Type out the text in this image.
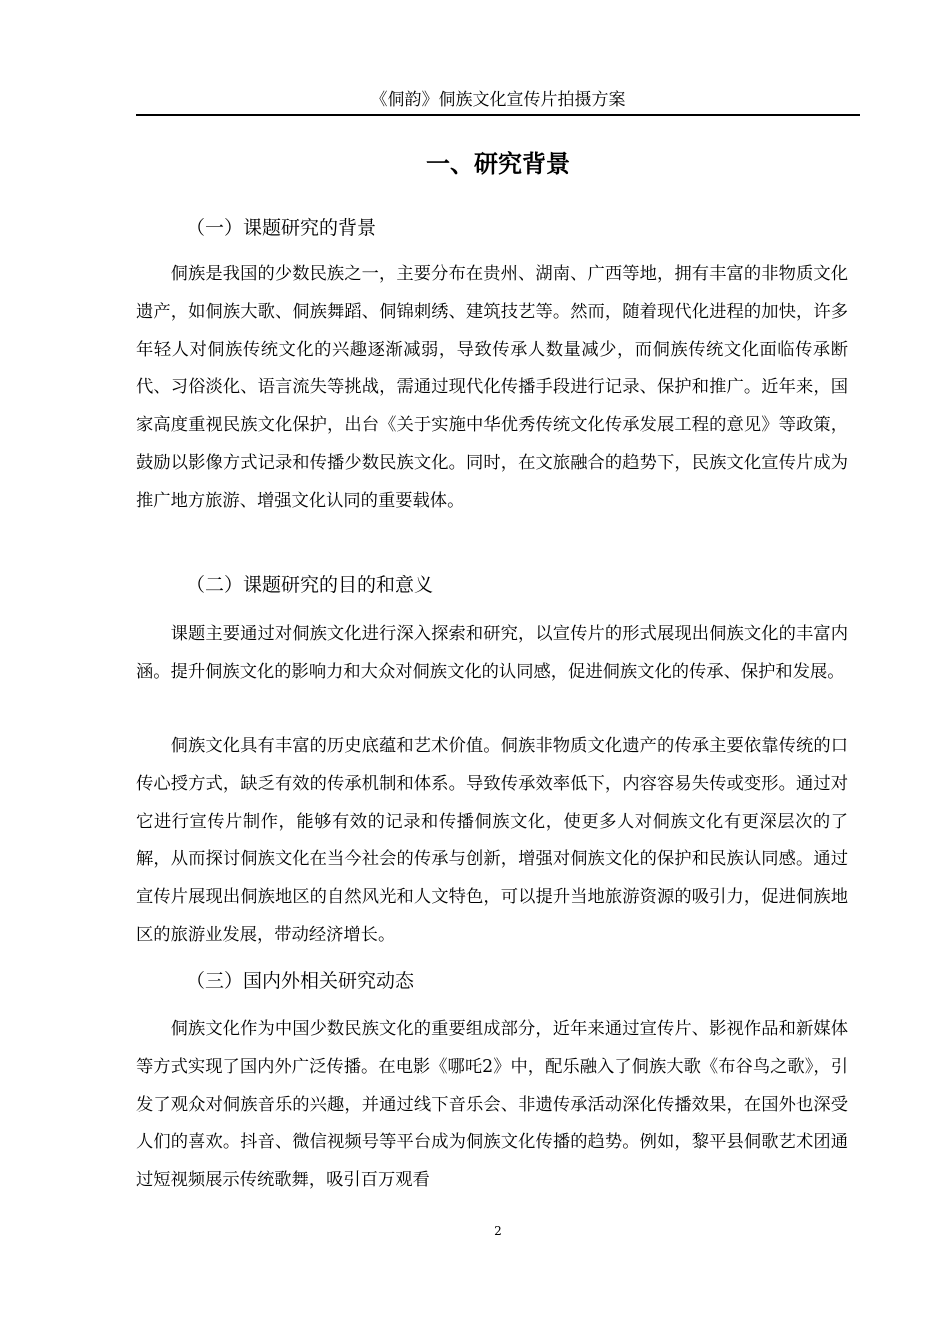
《侗韵》侗族文化宣传片拍摄方案
一、研究背景
（一）课题研究的背景

侗族是我国的少数民族之一，主要分布在贵州、湖南、广西等地，拥有丰富的非物质文化遗产，如侗族大歌、侗族舞蹈、侗锦刺绣、建筑技艺等。然而，随着现代化进程的加快，许多年轻人对侗族传统文化的兴趣逐渐减弱，导致传承人数量减少，而侗族传统文化面临传承断代、习俗淡化、语言流失等挑战，需通过现代化传播手段进行记录、保护和推广。近年来，国家高度重视民族文化保护，出台《关于实施中华优秀传统文化传承发展工程的意见》等政策，鼓励以影像方式记录和传播少数民族文化。同时，在文旅融合的趋势下，民族文化宣传片成为推广地方旅游、增强文化认同的重要载体。

（二）课题研究的目的和意义

课题主要通过对侗族文化进行深入探索和研究，以宣传片的形式展现出侗族文化的丰富内涵。提升侗族文化的影响力和大众对侗族文化的认同感，促进侗族文化的传承、保护和发展。

侗族文化具有丰富的历史底蕴和艺术价值。侗族非物质文化遗产的传承主要依靠传统的口传心授方式，缺乏有效的传承机制和体系。导致传承效率低下，内容容易失传或变形。通过对它进行宣传片制作，能够有效的记录和传播侗族文化，使更多人对侗族文化有更深层次的了解，从而探讨侗族文化在当今社会的传承与创新，增强对侗族文化的保护和民族认同感。通过宣传片展现出侗族地区的自然风光和人文特色，可以提升当地旅游资源的吸引力，促进侗族地区的旅游业发展，带动经济增长。

（三）国内外相关研究动态

侗族文化作为中国少数民族文化的重要组成部分，近年来通过宣传片、影视作品和新媒体等方式实现了国内外广泛传播。在电影《哪吒2》中，配乐融入了侗族大歌《布谷鸟之歌》，引发了观众对侗族音乐的兴趣，并通过线下音乐会、非遗传承活动深化传播效果，在国外也深受人们的喜欢。抖音、微信视频号等平台成为侗族文化传播的趋势。例如，黎平县侗歌艺术团通过短视频展示传统歌舞，吸引百万观看

2
